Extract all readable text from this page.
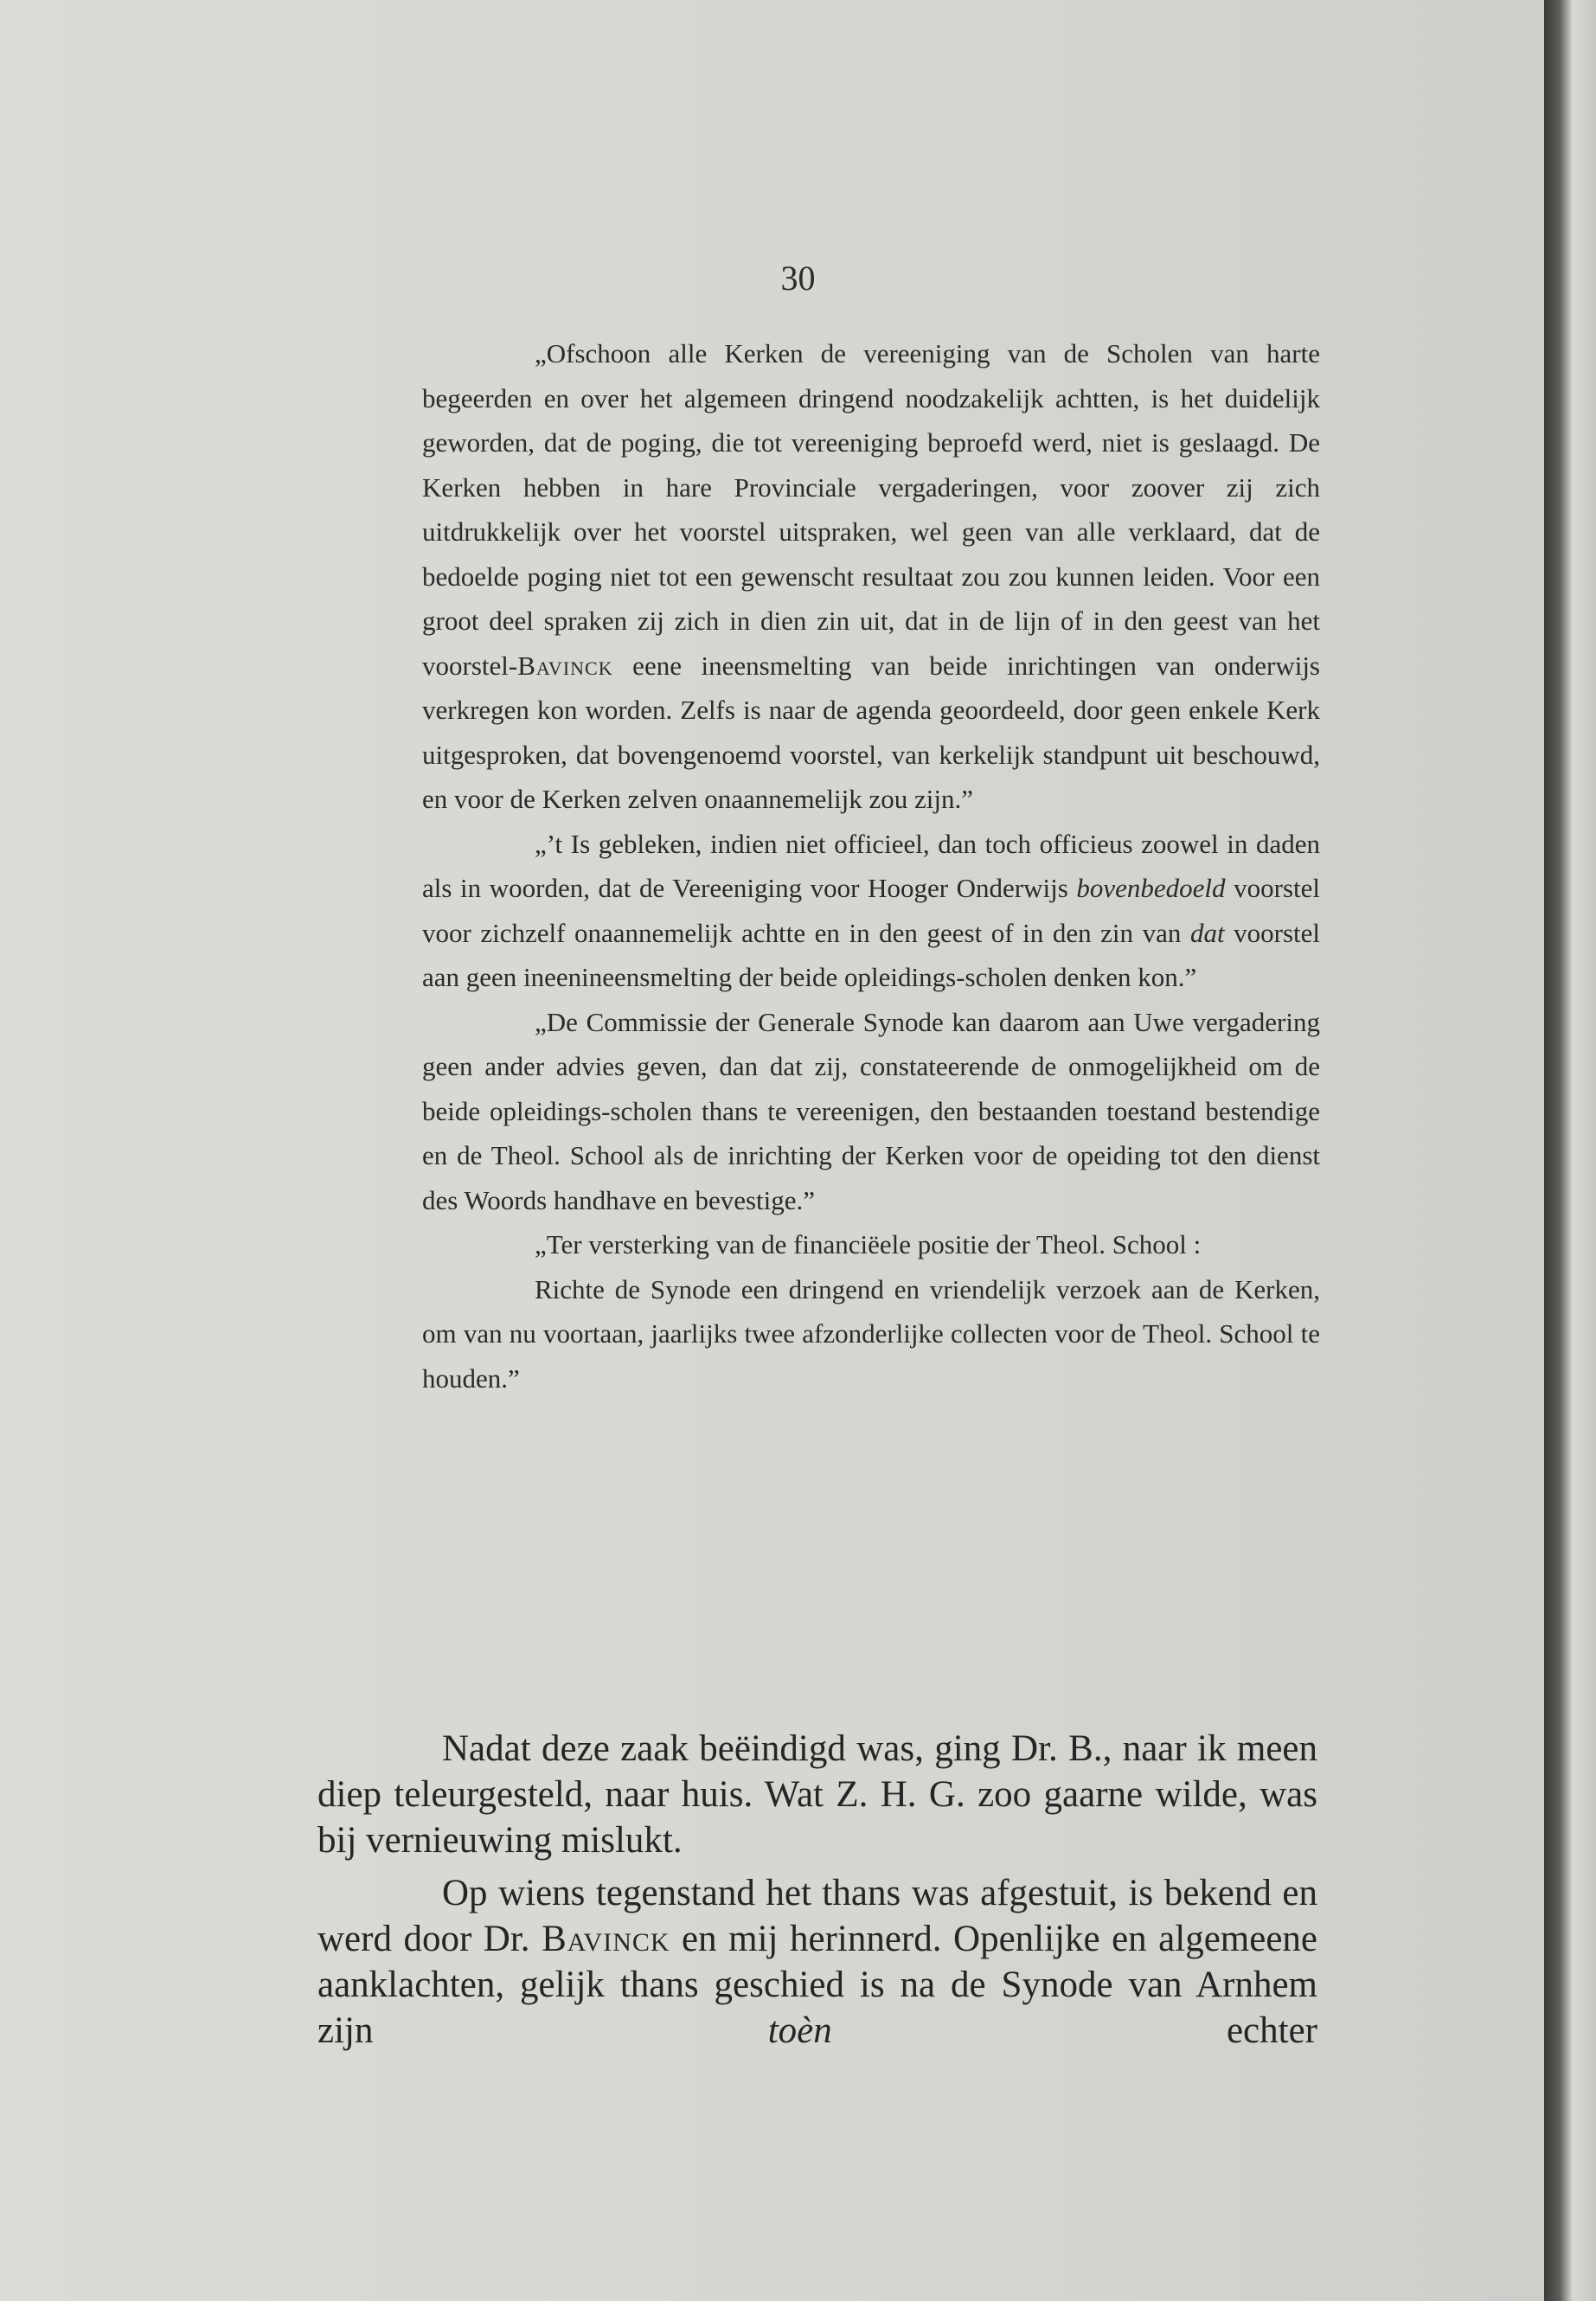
30

„Ofschoon alle Kerken de vereeniging van de Scholen van harte begeerden en over het algemeen dringend noodzakelijk achtten, is het duidelijk geworden, dat de poging, die tot vereeniging beproefd werd, niet is geslaagd. De Kerken hebben in hare Provinciale vergaderingen, voor zoover zij zich uitdrukkelijk over het voorstel uitspraken, wel geen van alle verklaard, dat de bedoelde poging niet tot een gewenscht resultaat zou zou kunnen leiden. Voor een groot deel spraken zij zich in dien zin uit, dat in de lijn of in den geest van het voorstel-Bavinck eene ineensmelting van beide inrichtingen van onderwijs verkregen kon worden. Zelfs is naar de agenda geoordeeld, door geen enkele Kerk uitgesproken, dat bovengenoemd voorstel, van kerkelijk standpunt uit beschouwd, en voor de Kerken zelven onaannemelijk zou zijn.”

„’t Is gebleken, indien niet officieel, dan toch officieus zoowel in daden als in woorden, dat de Vereeniging voor Hooger Onderwijs bovenbedoeld voorstel voor zichzelf onaannemelijk achtte en in den geest of in den zin van dat voorstel aan geen ineenineensmelting der beide opleidings-scholen denken kon.”

„De Commissie der Generale Synode kan daarom aan Uwe vergadering geen ander advies geven, dan dat zij, constateerende de onmogelijkheid om de beide opleidings-scholen thans te vereenigen, den bestaanden toestand bestendige en de Theol. School als de inrichting der Kerken voor de opeiding tot den dienst des Woords handhave en bevestige.”

„Ter versterking van de financiëele positie der Theol. School :

Richte de Synode een dringend en vriendelijk verzoek aan de Kerken, om van nu voortaan, jaarlijks twee afzonderlijke collecten voor de Theol. School te houden.”

Nadat deze zaak beëindigd was, ging Dr. B., naar ik meen diep teleurgesteld, naar huis. Wat Z. H. G. zoo gaarne wilde, was bij vernieuwing mislukt.

Op wiens tegenstand het thans was afgestuit, is bekend en werd door Dr. Bavinck en mij herinnerd. Openlijke en algemeene aanklachten, gelijk thans geschied is na de Synode van Arnhem zijn toèn echter
